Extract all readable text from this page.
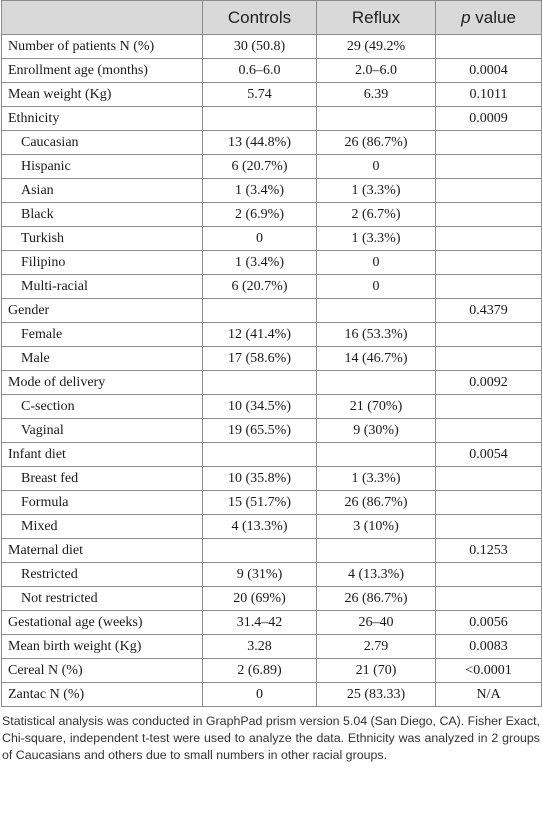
	Controls	Reflux	p value
Number of patients N (%)	30 (50.8)	29 (49.2%	
Enrollment age (months)	0.6–6.0	2.0–6.0	0.0004
Mean weight (Kg)	5.74	6.39	0.1011
Ethnicity			0.0009
Caucasian	13 (44.8%)	26 (86.7%)	
Hispanic	6 (20.7%)	0	
Asian	1 (3.4%)	1 (3.3%)	
Black	2 (6.9%)	2 (6.7%)	
Turkish	0	1 (3.3%)	
Filipino	1 (3.4%)	0	
Multi-racial	6 (20.7%)	0	
Gender			0.4379
Female	12 (41.4%)	16 (53.3%)	
Male	17 (58.6%)	14 (46.7%)	
Mode of delivery			0.0092
C-section	10 (34.5%)	21 (70%)	
Vaginal	19 (65.5%)	9 (30%)	
Infant diet			0.0054
Breast fed	10 (35.8%)	1 (3.3%)	
Formula	15 (51.7%)	26 (86.7%)	
Mixed	4 (13.3%)	3 (10%)	
Maternal diet			0.1253
Restricted	9 (31%)	4 (13.3%)	
Not restricted	20 (69%)	26 (86.7%)	
Gestational age (weeks)	31.4–42	26–40	0.0056
Mean birth weight (Kg)	3.28	2.79	0.0083
Cereal N (%)	2 (6.89)	21 (70)	<0.0001
Zantac N (%)	0	25 (83.33)	N/A

Statistical analysis was conducted in GraphPad prism version 5.04 (San Diego, CA). Fisher Exact, Chi-square, independent t-test were used to analyze the data. Ethnicity was analyzed in 2 groups of Caucasians and others due to small numbers in other racial groups.
